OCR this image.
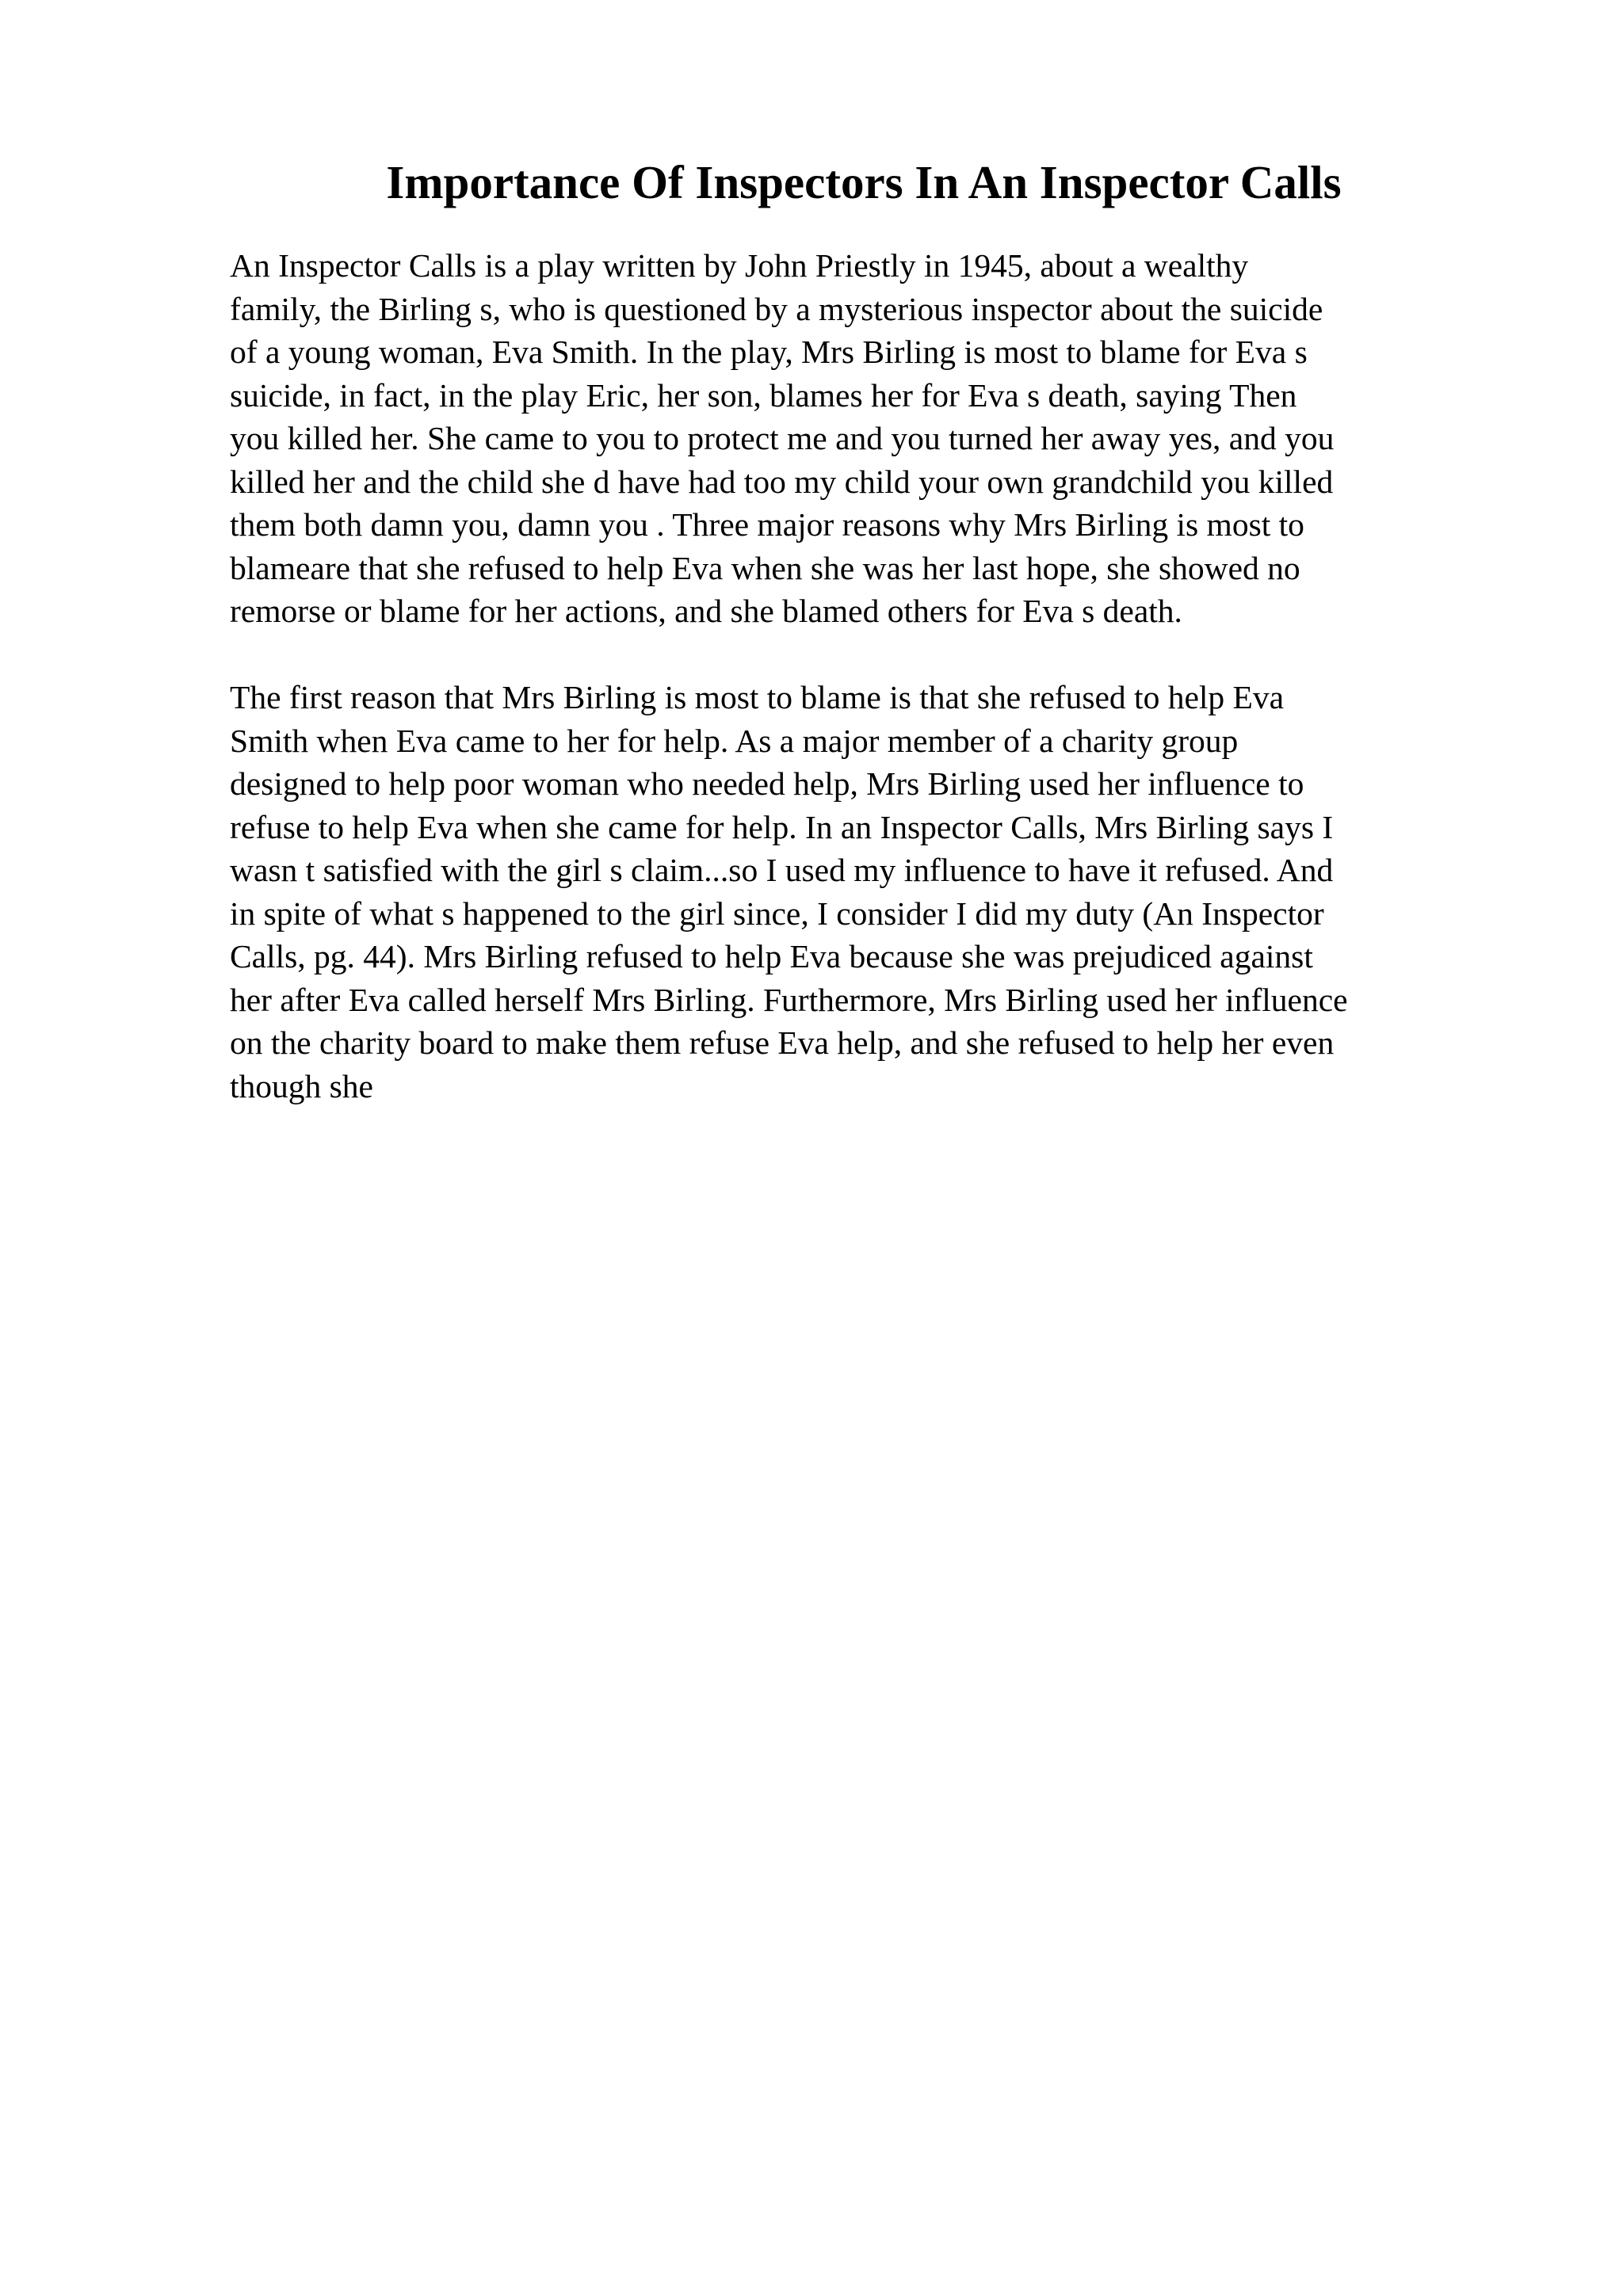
Importance Of Inspectors In An Inspector Calls
An Inspector Calls is a play written by John Priestly in 1945, about a wealthy
family, the Birling s, who is questioned by a mysterious inspector about the suicide
of a young woman, Eva Smith. In the play, Mrs Birling is most to blame for Eva s
suicide, in fact, in the play Eric, her son, blames her for Eva s death, saying Then
you killed her. She came to you to protect me and you turned her away yes, and you
killed her and the child she d have had too my child your own grandchild you killed
them both damn you, damn you . Three major reasons why Mrs Birling is most to
blameare that she refused to help Eva when she was her last hope, she showed no
remorse or blame for her actions, and she blamed others for Eva s death.
The first reason that Mrs Birling is most to blame is that she refused to help Eva
Smith when Eva came to her for help. As a major member of a charity group
designed to help poor woman who needed help, Mrs Birling used her influence to
refuse to help Eva when she came for help. In an Inspector Calls, Mrs Birling says I
wasn t satisfied with the girl s claim...so I used my influence to have it refused. And
in spite of what s happened to the girl since, I consider I did my duty (An Inspector
Calls, pg. 44). Mrs Birling refused to help Eva because she was prejudiced against
her after Eva called herself Mrs Birling. Furthermore, Mrs Birling used her influence
on the charity board to make them refuse Eva help, and she refused to help her even
though she
